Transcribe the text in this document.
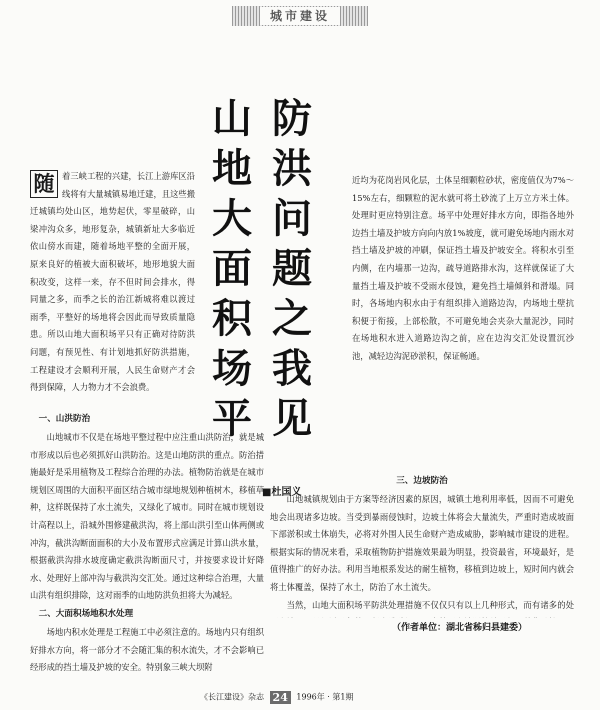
城市建设
防
洪
问
题
之
我
见
山
地
大
面
积
场
平
随 着三峡工程的兴建，长江上游库区沿线将有大量城镇易地迁建，且这些搬迁城镇均处山区，地势起伏，零星破碎，山梁冲沟众多，地形复杂，城镇新址大多临近依山傍水而建，随着场地平整的全面开展，原来良好的植被大面积破坏，地形地貌大面积改变，这样一来，存不但时间会排水，得同量之多，而季之长的治江新城将难以渡过雨季，平整好的场地将会因此而导致质量隐患。所以山地大面积场平只有正确对待防洪问题，有预见性、有计划地抓好防洪措施，工程建设才会顺利开展，人民生命财产才会得到保障，人力物力才不会浪费。

一、山洪防治

山地城市不仅是在场地平整过程中应注重山洪防治，就是城市形成以后也必须抓好山洪防治。这是山地防洪的重点。防治措施最好是采用植物及工程综合治理的办法。植物防治就是在城市规划区周围的大面积平面区结合城市绿地规划种植树木，移植草种，这样既保持了水土流失，又绿化了城市。同时在城市规划设计高程以上，沿城外围修建截洪沟，将上部山洪引至山体两侧或冲沟，截洪沟断面面积的大小及布置形式应满足计算山洪水量，根据截洪沟排水坡度确定截洪沟断面尺寸，并按要求设计好降水、处理好上部冲沟与截洪沟交汇处。通过这种综合治理，大量山洪有组织排除，这对雨季的山地防洪负担将大为减轻。

二、大面积场地积水处理

场地内积水处理是工程施工中必须注意的。场地内只有组织好排水方向，将一部分才不会随汇集的积水流失，才不会影响已经形成的挡土墙及护坡的安全。特别象三峡大坝附

近均为花岗岩风化层，土体呈细颗粒砂状，密度值仅为7%～15%左右，细颗粒的泥水就可将土砂流了上万立方米土体。处理时更应特别注意。场平中处理好排水方向，即指各地外边挡土墙及护坡方向向内放1%坡度，就可避免场地内雨水对挡土墙及护坡的冲刷，保证挡土墙及护坡安全。将积水引至内侧，在内墙那一边沟，疏导道路排水沟，这样就保证了大量挡土墙及护坡不受雨水侵蚀，避免挡土墙倾斜和滑塌。同时，各场地内积水由于有组织排入道路边沟，内场地土壁抗积便于衔接，上部松散，不可避免地会夹杂大量泥沙，同时在场地积水进入道路边沟之前，应在边沟交汇处设置沉沙池，减轻边沟泥砂淤积，保证畅通。

■杜国义
三、边坡防治

山地城镇规划由于方案等经济因素的原因，城镇土地利用率低，因而不可避免地会出现诸多边坡。当受到暴雨侵蚀时，边坡土体将会大量流失，严重时造成坡面下部淤积或土体崩失，必将对外围人民生命财产造成威胁，影响城市建设的进程。根据实际的情况来看，采取植物防护措施效果最为明显，投资最省，环境最好，是值得推广的好办法。利用当地根系发达的耐生植物，移植到边坡上，短时间内就会将土体覆盖，保持了水土，防治了水土流失。

当然，山地大面积场平防洪处理措施不仅仅只有以上几种形式，而有诸多的处

（作者单位：湖北省秭归县建委）
《长江建设》杂志 24 1996年 · 第1期
